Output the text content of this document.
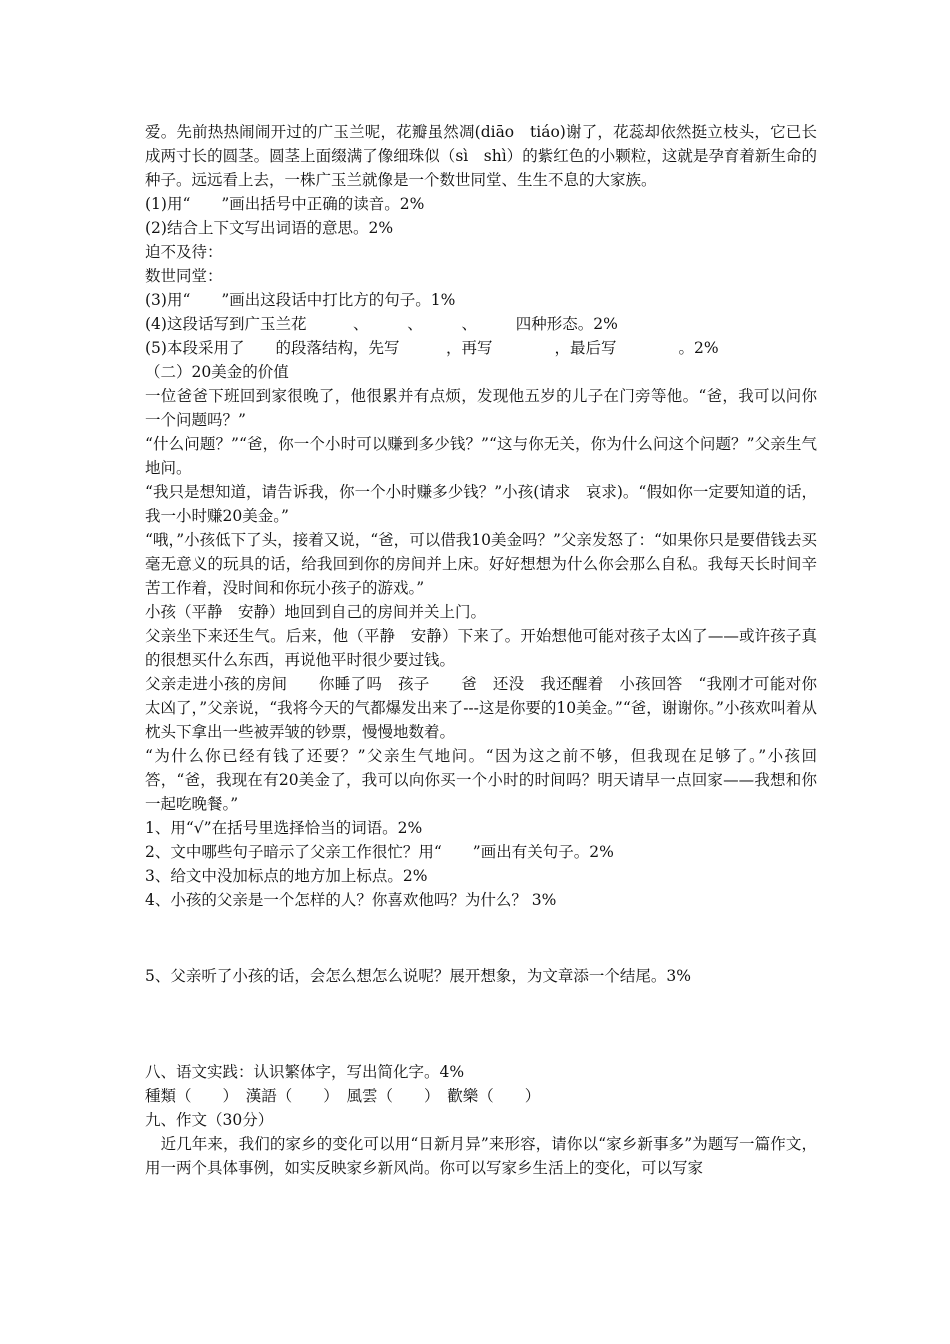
爱。先前热热闹闹开过的广玉兰呢，花瓣虽然凋(diāo　tiáo)谢了，花蕊却依然挺立枝头，它已长成两寸长的圆茎。圆茎上面缀满了像细珠似（sì　shì）的紫红色的小颗粒，这就是孕育着新生命的种子。远远看上去，一株广玉兰就像是一个数世同堂、生生不息的大家族。

(1)用“　　”画出括号中正确的读音。2%

(2)结合上下文写出词语的意思。2%

迫不及待：

数世同堂：

(3)用“　　”画出这段话中打比方的句子。1%

(4)这段话写到广玉兰花　　　、　　　、　　　、　　　四种形态。2%

(5)本段采用了　　的段落结构，先写　　　，再写　　　　，最后写　　　　。2%

（二）20美金的价值

一位爸爸下班回到家很晚了，他很累并有点烦，发现他五岁的儿子在门旁等他。“爸，我可以问你一个问题吗？”

“什么问题？”“爸，你一个小时可以赚到多少钱？”“这与你无关，你为什么问这个问题？”父亲生气地问。

“我只是想知道，请告诉我，你一个小时赚多少钱？”小孩(请求　哀求)。“假如你一定要知道的话，我一小时赚20美金。”

“哦，”小孩低下了头，接着又说，“爸，可以借我10美金吗？”父亲发怒了：“如果你只是要借钱去买毫无意义的玩具的话，给我回到你的房间并上床。好好想想为什么你会那么自私。我每天长时间辛苦工作着，没时间和你玩小孩子的游戏。”

小孩（平静　安静）地回到自己的房间并关上门。

父亲坐下来还生气。后来，他（平静　安静）下来了。开始想他可能对孩子太凶了——或许孩子真的很想买什么东西，再说他平时很少要过钱。

父亲走进小孩的房间　　你睡了吗　孩子　　爸　还没　我还醒着　小孩回答　“我刚才可能对你太凶了，”父亲说，“我将今天的气都爆发出来了---这是你要的10美金。”“爸，谢谢你。”小孩欢叫着从枕头下拿出一些被弄皱的钞票，慢慢地数着。

“为什么你已经有钱了还要？”父亲生气地问。“因为这之前不够，但我现在足够了。”小孩回答，“爸，我现在有20美金了，我可以向你买一个小时的时间吗？明天请早一点回家——我想和你一起吃晚餐。”

1、用“√”在括号里选择恰当的词语。2%

2、文中哪些句子暗示了父亲工作很忙？用“　　”画出有关句子。2%

3、给文中没加标点的地方加上标点。2%

4、小孩的父亲是一个怎样的人？你喜欢他吗？为什么？ 3%

5、父亲听了小孩的话，会怎么想怎么说呢？展开想象，为文章添一个结尾。3%

八、语文实践：认识繁体字，写出简化字。4%

種類（　　）　漢語（　　）　風雲（　　）　歡樂（　　）

九、作文（30分）

　近几年来，我们的家乡的变化可以用“日新月异”来形容，请你以“家乡新事多”为题写一篇作文，用一两个具体事例，如实反映家乡新风尚。你可以写家乡生活上的变化，可以写家
